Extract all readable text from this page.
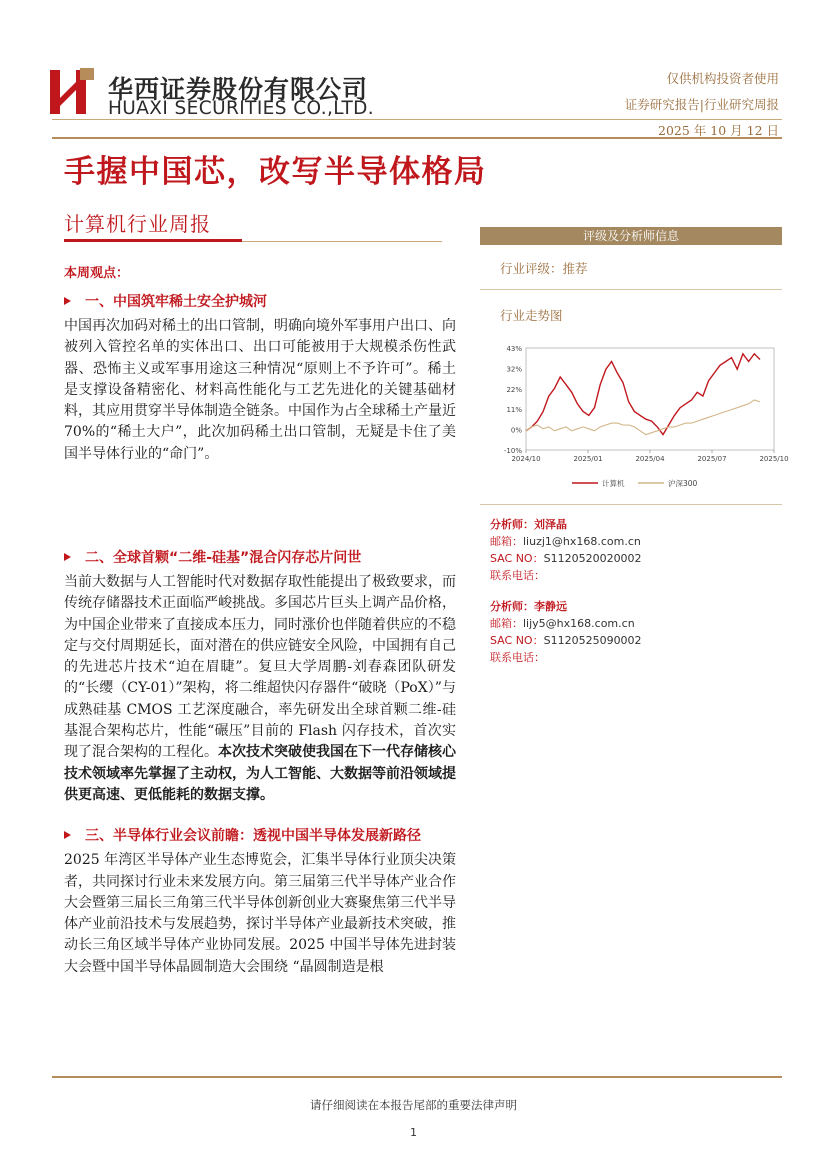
华西证券股份有限公司
HUAXI SECURITIES CO.,LTD.
仅供机构投资者使用
证券研究报告|行业研究周报
2025 年 10 月 12 日
手握中国芯，改写半导体格局
计算机行业周报
本周观点：
一、中国筑牢稀土安全护城河

中国再次加码对稀土的出口管制，明确向境外军事用户出口、向被列入管控名单的实体出口、出口可能被用于大规模杀伤性武器、恐怖主义或军事用途这三种情况“原则上不予许可”。稀土是支撑设备精密化、材料高性能化与工艺先进化的关键基础材料，其应用贯穿半导体制造全链条。中国作为占全球稀土产量近 70%的“稀土大户”，此次加码稀土出口管制，无疑是卡住了美国半导体行业的“命门”。

二、全球首颗“二维-硅基”混合闪存芯片问世

当前大数据与人工智能时代对数据存取性能提出了极致要求，而传统存储器技术正面临严峻挑战。多国芯片巨头上调产品价格，为中国企业带来了直接成本压力，同时涨价也伴随着供应的不稳定与交付周期延长，面对潜在的供应链安全风险，中国拥有自己的先进芯片技术“迫在眉睫”。复旦大学周鹏-刘春森团队研发的“长缨（CY-01）”架构，将二维超快闪存器件“破晓（PoX）”与成熟硅基 CMOS 工艺深度融合，率先研发出全球首颗二维-硅基混合架构芯片，性能“碾压”目前的 Flash 闪存技术，首次实现了混合架构的工程化。本次技术突破使我国在下一代存储核心技术领域率先掌握了主动权，为人工智能、大数据等前沿领域提供更高速、更低能耗的数据支撑。

三、半导体行业会议前瞻：透视中国半导体发展新路径

2025 年湾区半导体产业生态博览会，汇集半导体行业顶尖决策者，共同探讨行业未来发展方向。第三届第三代半导体产业合作大会暨第三届长三角第三代半导体创新创业大赛聚焦第三代半导体产业前沿技术与发展趋势，探讨半导体产业最新技术突破，推动长三角区域半导体产业协同发展。2025 中国半导体先进封装大会暨中国半导体晶圆制造大会围绕 “晶圆制造是根

评级及分析师信息
行业评级：推荐
行业走势图
43%
32%
22%
11%
0%
-10%
2024/10	2025/01	2025/04	2025/07	2025/10
计算机	沪深300
分析师：刘泽晶
邮箱：liuzj1@hx168.com.cn
SAC NO：S1120520020002
联系电话：
分析师：李静远
邮箱：lijy5@hx168.com.cn
SAC NO：S1120525090002
联系电话：
请仔细阅读在本报告尾部的重要法律声明
1
